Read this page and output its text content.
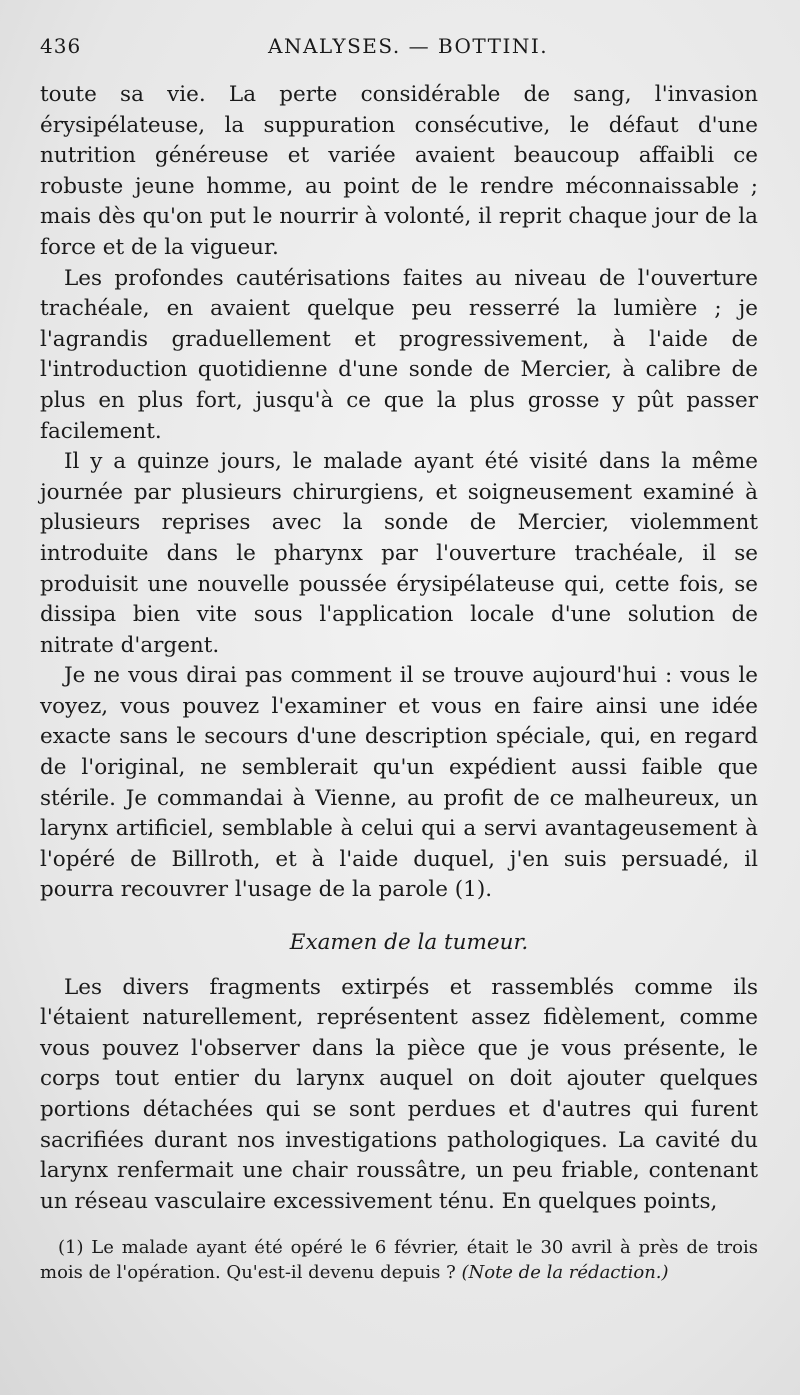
436	ANALYSES. — BOTTINI.

toute sa vie. La perte considérable de sang, l'invasion érysipélateuse, la suppuration consécutive, le défaut d'une nutrition généreuse et variée avaient beaucoup affaibli ce robuste jeune homme, au point de le rendre méconnaissable ; mais dès qu'on put le nourrir à volonté, il reprit chaque jour de la force et de la vigueur.

Les profondes cautérisations faites au niveau de l'ouverture trachéale, en avaient quelque peu resserré la lumière ; je l'agrandis graduellement et progressivement, à l'aide de l'introduction quotidienne d'une sonde de Mercier, à calibre de plus en plus fort, jusqu'à ce que la plus grosse y pût passer facilement.

Il y a quinze jours, le malade ayant été visité dans la même journée par plusieurs chirurgiens, et soigneusement examiné à plusieurs reprises avec la sonde de Mercier, violemment introduite dans le pharynx par l'ouverture trachéale, il se produisit une nouvelle poussée érysipélateuse qui, cette fois, se dissipa bien vite sous l'application locale d'une solution de nitrate d'argent.

Je ne vous dirai pas comment il se trouve aujourd'hui : vous le voyez, vous pouvez l'examiner et vous en faire ainsi une idée exacte sans le secours d'une description spéciale, qui, en regard de l'original, ne semblerait qu'un expédient aussi faible que stérile. Je commandai à Vienne, au profit de ce malheureux, un larynx artificiel, semblable à celui qui a servi avantageusement à l'opéré de Billroth, et à l'aide duquel, j'en suis persuadé, il pourra recouvrer l'usage de la parole (1).

Examen de la tumeur.

Les divers fragments extirpés et rassemblés comme ils l'étaient naturellement, représentent assez fidèlement, comme vous pouvez l'observer dans la pièce que je vous présente, le corps tout entier du larynx auquel on doit ajouter quelques portions détachées qui se sont perdues et d'autres qui furent sacrifiées durant nos investigations pathologiques. La cavité du larynx renfermait une chair roussâtre, un peu friable, contenant un réseau vasculaire excessivement ténu. En quelques points,

(1) Le malade ayant été opéré le 6 février, était le 30 avril à près de trois mois de l'opération. Qu'est-il devenu depuis ? (Note de la rédaction.)
